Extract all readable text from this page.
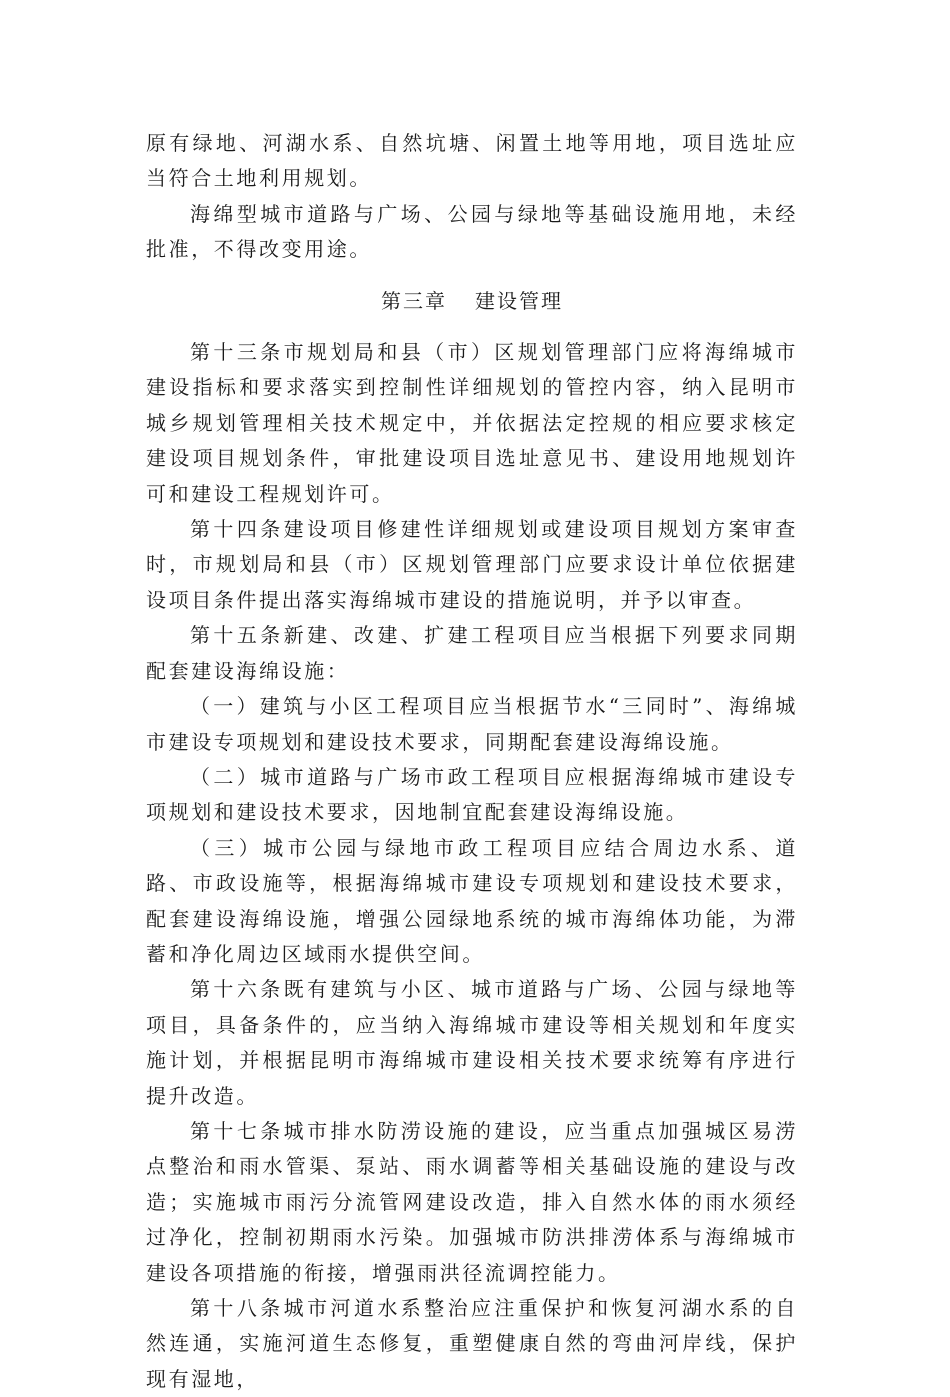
原有绿地、河湖水系、自然坑塘、闲置土地等用地，项目选址应当符合土地利用规划。

海绵型城市道路与广场、公园与绿地等基础设施用地，未经批准，不得改变用途。

第三章 建设管理

第十三条市规划局和县（市）区规划管理部门应将海绵城市建设指标和要求落实到控制性详细规划的管控内容，纳入昆明市城乡规划管理相关技术规定中，并依据法定控规的相应要求核定建设项目规划条件，审批建设项目选址意见书、建设用地规划许可和建设工程规划许可。

第十四条建设项目修建性详细规划或建设项目规划方案审查时，市规划局和县（市）区规划管理部门应要求设计单位依据建设项目条件提出落实海绵城市建设的措施说明，并予以审查。

第十五条新建、改建、扩建工程项目应当根据下列要求同期配套建设海绵设施：

（一）建筑与小区工程项目应当根据节水“三同时”、海绵城市建设专项规划和建设技术要求，同期配套建设海绵设施。

（二）城市道路与广场市政工程项目应根据海绵城市建设专项规划和建设技术要求，因地制宜配套建设海绵设施。

（三）城市公园与绿地市政工程项目应结合周边水系、道路、市政设施等，根据海绵城市建设专项规划和建设技术要求，配套建设海绵设施，增强公园绿地系统的城市海绵体功能，为滞蓄和净化周边区域雨水提供空间。

第十六条既有建筑与小区、城市道路与广场、公园与绿地等项目，具备条件的，应当纳入海绵城市建设等相关规划和年度实施计划，并根据昆明市海绵城市建设相关技术要求统筹有序进行提升改造。

第十七条城市排水防涝设施的建设，应当重点加强城区易涝点整治和雨水管渠、泵站、雨水调蓄等相关基础设施的建设与改造；实施城市雨污分流管网建设改造，排入自然水体的雨水须经过净化，控制初期雨水污染。加强城市防洪排涝体系与海绵城市建设各项措施的衔接，增强雨洪径流调控能力。

第十八条城市河道水系整治应注重保护和恢复河湖水系的自然连通，实施河道生态修复，重塑健康自然的弯曲河岸线，保护现有湿地，
